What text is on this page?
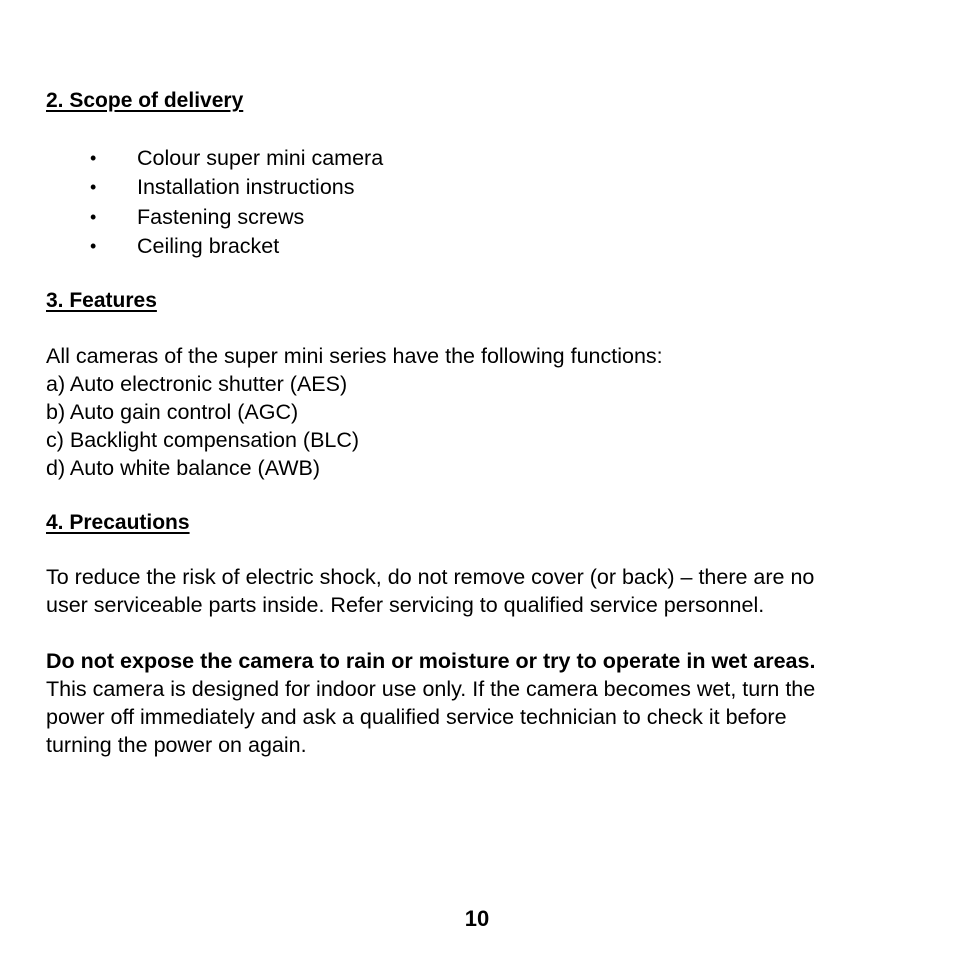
2. Scope of delivery
• Colour super mini camera
• Installation instructions
• Fastening screws
• Ceiling bracket
3. Features
All cameras of the super mini series have the following functions:
a) Auto electronic shutter (AES)
b) Auto gain control (AGC)
c) Backlight compensation (BLC)
d) Auto white balance (AWB)
4. Precautions
To reduce the risk of electric shock, do not remove cover (or back) – there are no
user serviceable parts inside. Refer servicing to qualified service personnel.
Do not expose the camera to rain or moisture or try to operate in wet areas.
This camera is designed for indoor use only. If the camera becomes wet, turn the
power off immediately and ask a qualified service technician to check it before
turning the power on again.
10
